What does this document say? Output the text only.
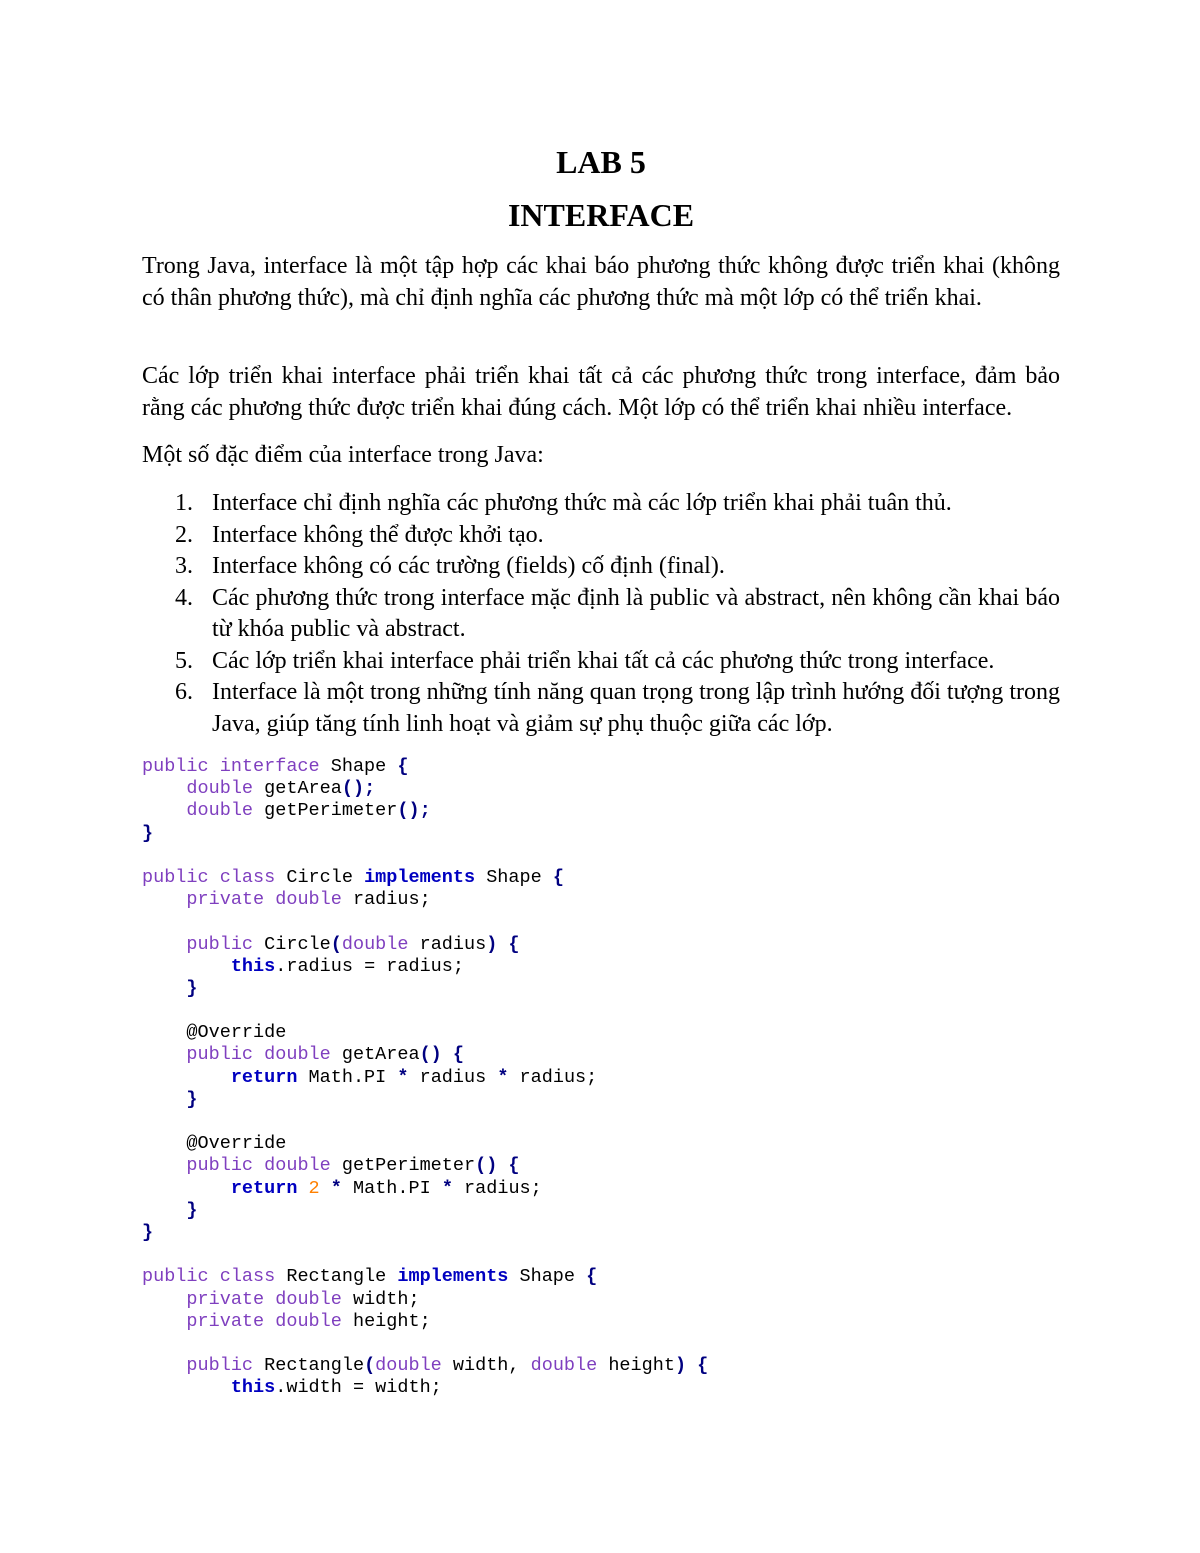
LAB 5
INTERFACE

Trong Java, interface là một tập hợp các khai báo phương thức không được triển khai (không có thân phương thức), mà chỉ định nghĩa các phương thức mà một lớp có thể triển khai.

Các lớp triển khai interface phải triển khai tất cả các phương thức trong interface, đảm bảo rằng các phương thức được triển khai đúng cách. Một lớp có thể triển khai nhiều interface.

Một số đặc điểm của interface trong Java:

1. Interface chỉ định nghĩa các phương thức mà các lớp triển khai phải tuân thủ.
2. Interface không thể được khởi tạo.
3. Interface không có các trường (fields) cố định (final).
4. Các phương thức trong interface mặc định là public và abstract, nên không cần khai báo từ khóa public và abstract.
5. Các lớp triển khai interface phải triển khai tất cả các phương thức trong interface.
6. Interface là một trong những tính năng quan trọng trong lập trình hướng đối tượng trong Java, giúp tăng tính linh hoạt và giảm sự phụ thuộc giữa các lớp.
public interface Shape {
double getArea();
double getPerimeter();
}

public class Circle implements Shape {
private double radius;

public Circle(double radius) {
this.radius = radius;
}

@Override
public double getArea() {
return Math.PI * radius * radius;
}

@Override
public double getPerimeter() {
return 2 * Math.PI * radius;
}
}

public class Rectangle implements Shape {
private double width;
private double height;

public Rectangle(double width, double height) {
this.width = width;
